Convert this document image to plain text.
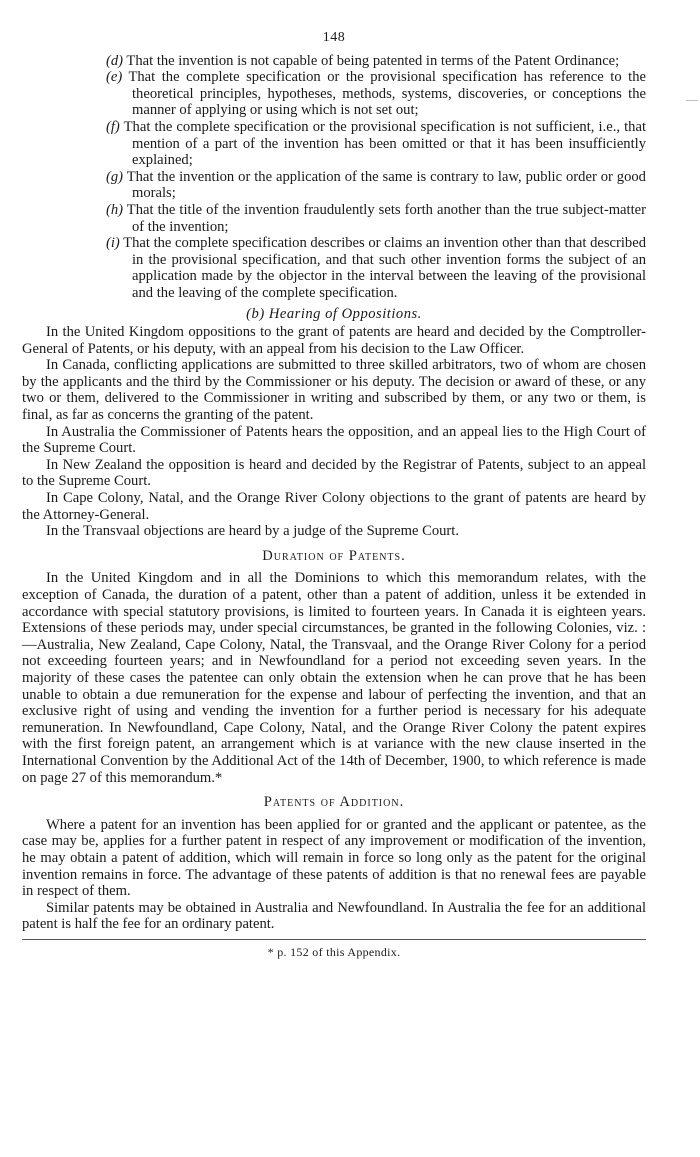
148
(d) That the invention is not capable of being patented in terms of the Patent Ordinance;
(e) That the complete specification or the provisional specification has reference to the theoretical principles, hypotheses, methods, systems, discoveries, or conceptions the manner of applying or using which is not set out;
(f) That the complete specification or the provisional specification is not sufficient, i.e., that mention of a part of the invention has been omitted or that it has been insufficiently explained;
(g) That the invention or the application of the same is contrary to law, public order or good morals;
(h) That the title of the invention fraudulently sets forth another than the true subject-matter of the invention;
(i) That the complete specification describes or claims an invention other than that described in the provisional specification, and that such other invention forms the subject of an application made by the objector in the interval between the leaving of the provisional and the leaving of the complete specification.
(b) Hearing of Oppositions.

In the United Kingdom oppositions to the grant of patents are heard and decided by the Comptroller-General of Patents, or his deputy, with an appeal from his decision to the Law Officer.

In Canada, conflicting applications are submitted to three skilled arbitrators, two of whom are chosen by the applicants and the third by the Commissioner or his deputy. The decision or award of these, or any two or them, delivered to the Commissioner in writing and subscribed by them, or any two or them, is final, as far as concerns the granting of the patent.

In Australia the Commissioner of Patents hears the opposition, and an appeal lies to the High Court of the Supreme Court.

In New Zealand the opposition is heard and decided by the Registrar of Patents, subject to an appeal to the Supreme Court.

In Cape Colony, Natal, and the Orange River Colony objections to the grant of patents are heard by the Attorney-General.

In the Transvaal objections are heard by a judge of the Supreme Court.

Duration of Patents.

In the United Kingdom and in all the Dominions to which this memorandum relates, with the exception of Canada, the duration of a patent, other than a patent of addition, unless it be extended in accordance with special statutory provisions, is limited to fourteen years. In Canada it is eighteen years. Extensions of these periods may, under special circumstances, be granted in the following Colonies, viz. :—Australia, New Zealand, Cape Colony, Natal, the Transvaal, and the Orange River Colony for a period not exceeding fourteen years; and in Newfoundland for a period not exceeding seven years. In the majority of these cases the patentee can only obtain the extension when he can prove that he has been unable to obtain a due remuneration for the expense and labour of perfecting the invention, and that an exclusive right of using and vending the invention for a further period is necessary for his adequate remuneration. In Newfoundland, Cape Colony, Natal, and the Orange River Colony the patent expires with the first foreign patent, an arrangement which is at variance with the new clause inserted in the International Convention by the Additional Act of the 14th of December, 1900, to which reference is made on page 27 of this memorandum.*

Patents of Addition.

Where a patent for an invention has been applied for or granted and the applicant or patentee, as the case may be, applies for a further patent in respect of any improvement or modification of the invention, he may obtain a patent of addition, which will remain in force so long only as the patent for the original invention remains in force. The advantage of these patents of addition is that no renewal fees are payable in respect of them.

Similar patents may be obtained in Australia and Newfoundland. In Australia the fee for an additional patent is half the fee for an ordinary patent.

* p. 152 of this Appendix.
—
